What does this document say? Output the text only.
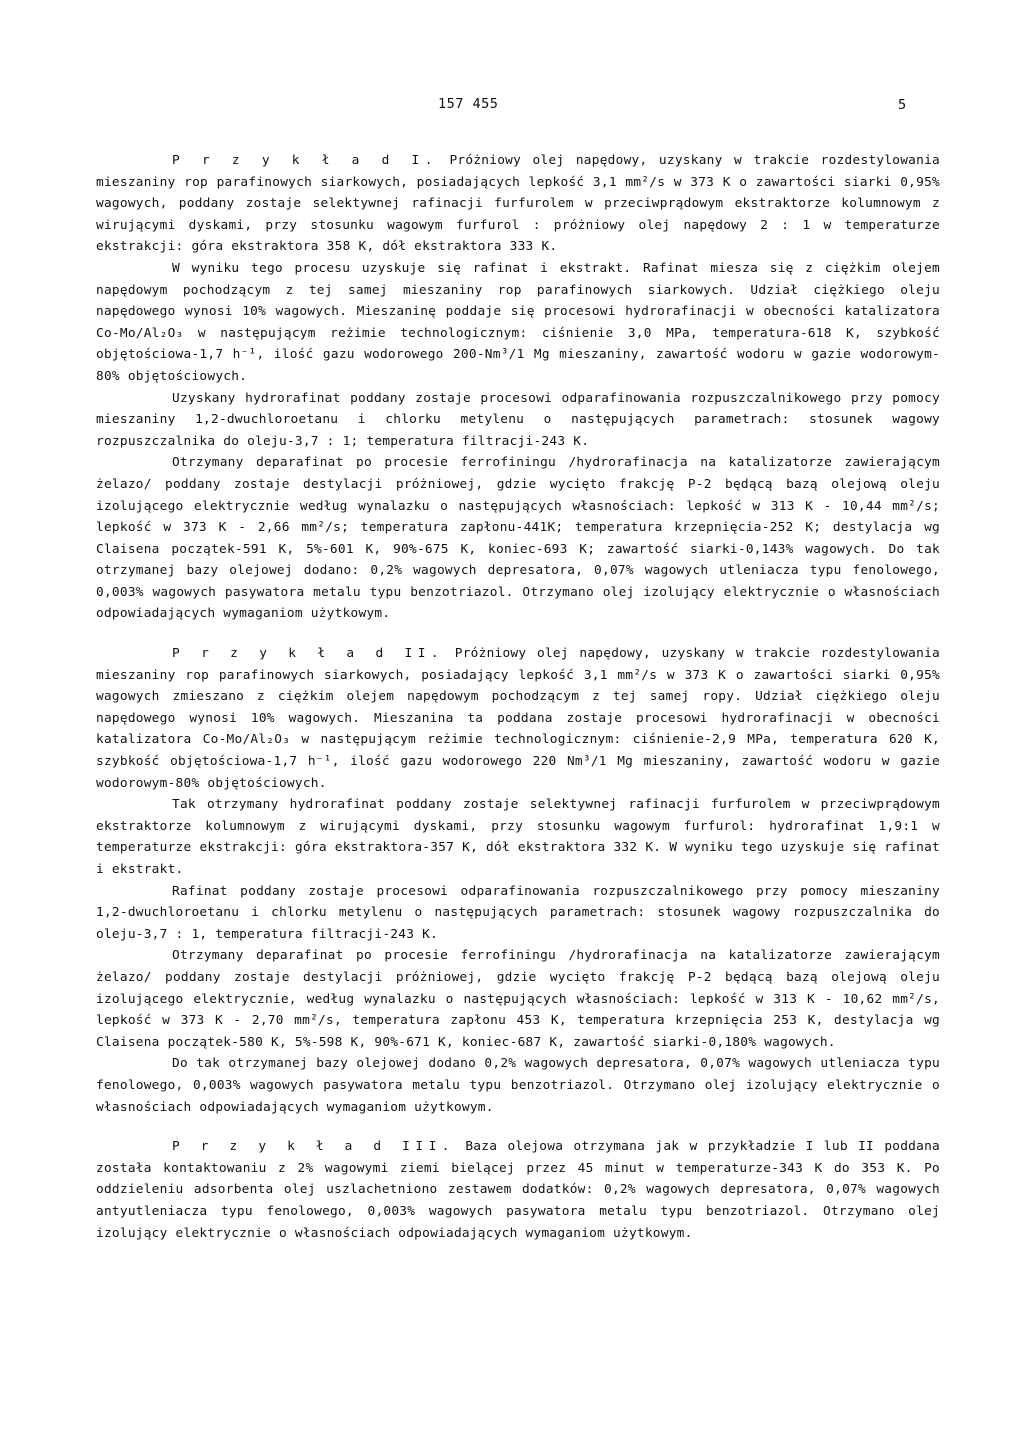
157 455	5

P r z y k ł a d I. Próżniowy olej napędowy, uzyskany w trakcie rozdestylowania mieszaniny rop parafinowych siarkowych, posiadających lepkość 3,1 mm²/s w 373 K o zawartości siarki 0,95% wagowych, poddany zostaje selektywnej rafinacji furfurolem w przeciwprądowym ekstraktorze kolumnowym z wirującymi dyskami, przy stosunku wagowym furfurol : próżniowy olej napędowy 2 : 1 w temperaturze ekstrakcji: góra ekstraktora 358 K, dół ekstraktora 333 K.

W wyniku tego procesu uzyskuje się rafinat i ekstrakt. Rafinat miesza się z ciężkim olejem napędowym pochodzącym z tej samej mieszaniny rop parafinowych siarkowych. Udział ciężkiego oleju napędowego wynosi 10% wagowych. Mieszaninę poddaje się procesowi hydrorafinacji w obecności katalizatora Co-Mo/Al₂O₃ w następującym reżimie technologicznym: ciśnienie 3,0 MPa, temperatura-618 K, szybkość objętościowa-1,7 h⁻¹, ilość gazu wodorowego 200-Nm³/1 Mg mieszaniny, zawartość wodoru w gazie wodorowym-80% objętościowych.

Uzyskany hydrorafinat poddany zostaje procesowi odparafinowania rozpuszczalnikowego przy pomocy mieszaniny 1,2-dwuchloroetanu i chlorku metylenu o następujących parametrach: stosunek wagowy rozpuszczalnika do oleju-3,7 : 1; temperatura filtracji-243 K.

Otrzymany deparafinat po procesie ferrofiningu /hydrorafinacja na katalizatorze zawierającym żelazo/ poddany zostaje destylacji próżniowej, gdzie wycięto frakcję P-2 będącą bazą olejową oleju izolującego elektrycznie według wynalazku o następujących własnościach: lepkość w 313 K - 10,44 mm²/s; lepkość w 373 K - 2,66 mm²/s; temperatura zapłonu-441K; temperatura krzepnięcia-252 K; destylacja wg Claisena początek-591 K, 5%-601 K, 90%-675 K, koniec-693 K; zawartość siarki-0,143% wagowych. Do tak otrzymanej bazy olejowej dodano: 0,2% wagowych depresatora, 0,07% wagowych utleniacza typu fenolowego, 0,003% wagowych pasywatora metalu typu benzotriazol. Otrzymano olej izolujący elektrycznie o własnościach odpowiadających wymaganiom użytkowym.

P r z y k ł a d II. Próżniowy olej napędowy, uzyskany w trakcie rozdestylowania mieszaniny rop parafinowych siarkowych, posiadający lepkość 3,1 mm²/s w 373 K o zawartości siarki 0,95% wagowych zmieszano z ciężkim olejem napędowym pochodzącym z tej samej ropy. Udział ciężkiego oleju napędowego wynosi 10% wagowych. Mieszanina ta poddana zostaje procesowi hydrorafinacji w obecności katalizatora Co-Mo/Al₂O₃ w następującym reżimie technologicznym: ciśnienie-2,9 MPa, temperatura 620 K, szybkość objętościowa-1,7 h⁻¹, ilość gazu wodorowego 220 Nm³/1 Mg mieszaniny, zawartość wodoru w gazie wodorowym-80% objętościowych.

Tak otrzymany hydrorafinat poddany zostaje selektywnej rafinacji furfurolem w przeciwprądowym ekstraktorze kolumnowym z wirującymi dyskami, przy stosunku wagowym furfurol: hydrorafinat 1,9:1 w temperaturze ekstrakcji: góra ekstraktora-357 K, dół ekstraktora 332 K. W wyniku tego uzyskuje się rafinat i ekstrakt.

Rafinat poddany zostaje procesowi odparafinowania rozpuszczalnikowego przy pomocy mieszaniny 1,2-dwuchloroetanu i chlorku metylenu o następujących parametrach: stosunek wagowy rozpuszczalnika do oleju-3,7 : 1, temperatura filtracji-243 K.

Otrzymany deparafinat po procesie ferrofiningu /hydrorafinacja na katalizatorze zawierającym żelazo/ poddany zostaje destylacji próżniowej, gdzie wycięto frakcję P-2 będącą bazą olejową oleju izolującego elektrycznie, według wynalazku o następujących własnościach: lepkość w 313 K - 10,62 mm²/s, lepkość w 373 K - 2,70 mm²/s, temperatura zapłonu 453 K, temperatura krzepnięcia 253 K, destylacja wg Claisena początek-580 K, 5%-598 K, 90%-671 K, koniec-687 K, zawartość siarki-0,180% wagowych.

Do tak otrzymanej bazy olejowej dodano 0,2% wagowych depresatora, 0,07% wagowych utleniacza typu fenolowego, 0,003% wagowych pasywatora metalu typu benzotriazol. Otrzymano olej izolujący elektrycznie o własnościach odpowiadających wymaganiom użytkowym.

P r z y k ł a d III. Baza olejowa otrzymana jak w przykładzie I lub II poddana została kontaktowaniu z 2% wagowymi ziemi bielącej przez 45 minut w temperaturze-343 K do 353 K. Po oddzieleniu adsorbenta olej uszlachetniono zestawem dodatków: 0,2% wagowych depresatora, 0,07% wagowych antyutleniacza typu fenolowego, 0,003% wagowych pasywatora metalu typu benzotriazol. Otrzymano olej izolujący elektrycznie o własnościach odpowiadających wymaganiom użytkowym.
